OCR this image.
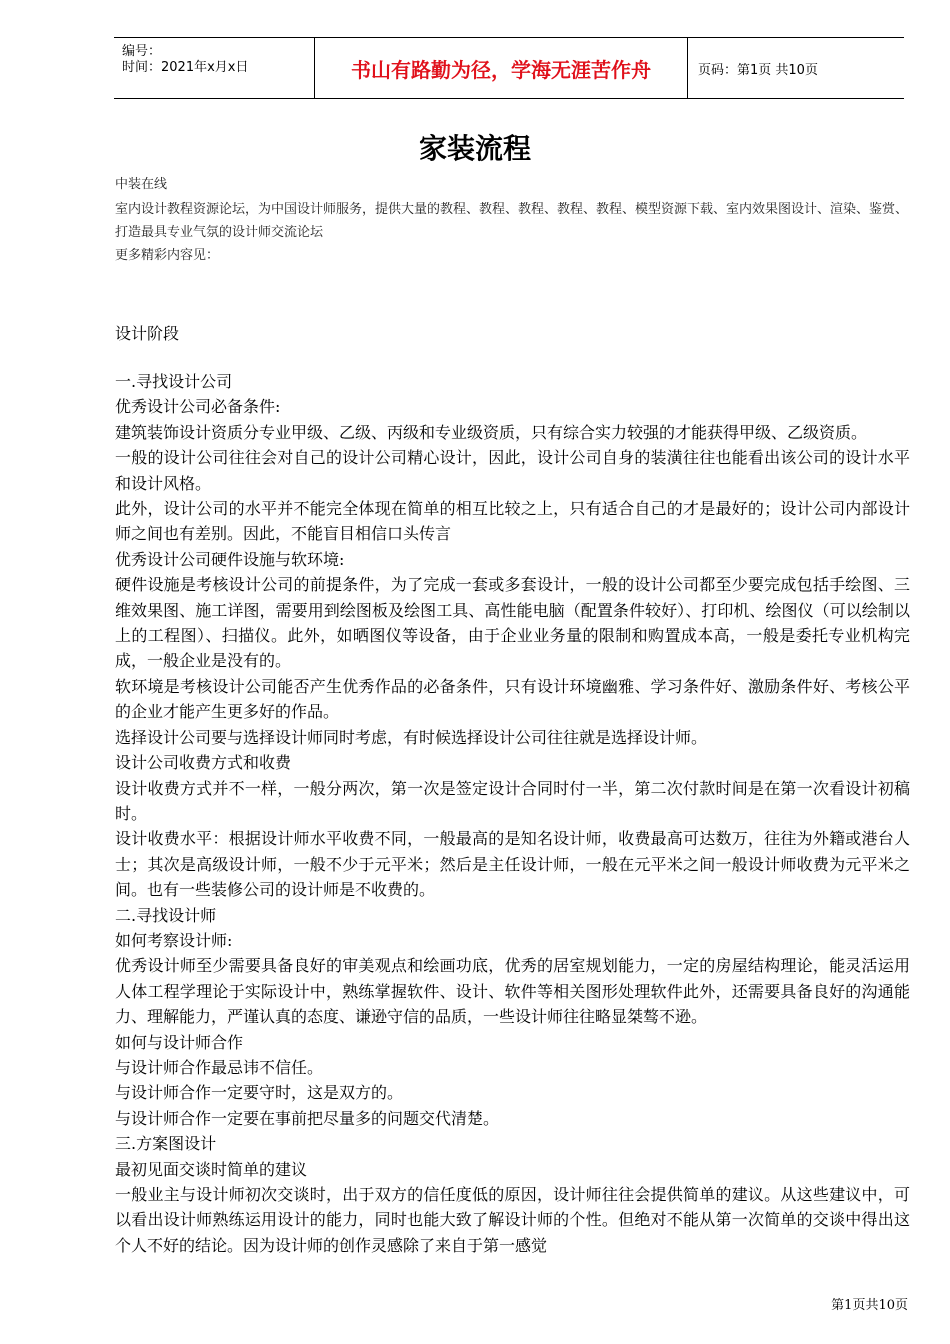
编号：
时间：2021年x月x日	书山有路勤为径，学海无涯苦作舟	页码：第1页 共10页
家装流程
中装在线
室内设计教程资源论坛，为中国设计师服务，提供大量的教程、教程、教程、教程、教程、模型资源下载、室内效果图设计、渲染、鉴赏、打造最具专业气氛的设计师交流论坛
更多精彩内容见：
设计阶段

一.寻找设计公司

优秀设计公司必备条件:

建筑装饰设计资质分专业甲级、乙级、丙级和专业级资质，只有综合实力较强的才能获得甲级、乙级资质。

一般的设计公司往往会对自己的设计公司精心设计，因此，设计公司自身的装潢往往也能看出该公司的设计水平和设计风格。

此外，设计公司的水平并不能完全体现在简单的相互比较之上，只有适合自己的才是最好的；设计公司内部设计师之间也有差别。因此，不能盲目相信口头传言

优秀设计公司硬件设施与软环境:

硬件设施是考核设计公司的前提条件，为了完成一套或多套设计，一般的设计公司都至少要完成包括手绘图、三维效果图、施工详图，需要用到绘图板及绘图工具、高性能电脑（配置条件较好）、打印机、绘图仪（可以绘制以上的工程图）、扫描仪。此外，如晒图仪等设备，由于企业业务量的限制和购置成本高，一般是委托专业机构完成，一般企业是没有的。

软环境是考核设计公司能否产生优秀作品的必备条件，只有设计环境幽雅、学习条件好、激励条件好、考核公平的企业才能产生更多好的作品。

选择设计公司要与选择设计师同时考虑，有时候选择设计公司往往就是选择设计师。

设计公司收费方式和收费

设计收费方式并不一样，一般分两次，第一次是签定设计合同时付一半，第二次付款时间是在第一次看设计初稿时。

设计收费水平：根据设计师水平收费不同，一般最高的是知名设计师，收费最高可达数万，往往为外籍或港台人士；其次是高级设计师，一般不少于元平米；然后是主任设计师，一般在元平米之间一般设计师收费为元平米之间。也有一些装修公司的设计师是不收费的。

二.寻找设计师

如何考察设计师:

优秀设计师至少需要具备良好的审美观点和绘画功底，优秀的居室规划能力，一定的房屋结构理论，能灵活运用人体工程学理论于实际设计中，熟练掌握软件、设计、软件等相关图形处理软件此外，还需要具备良好的沟通能力、理解能力，严谨认真的态度、谦逊守信的品质，一些设计师往往略显桀骜不逊。

如何与设计师合作

与设计师合作最忌讳不信任。

与设计师合作一定要守时，这是双方的。

与设计师合作一定要在事前把尽量多的问题交代清楚。

三.方案图设计

最初见面交谈时简单的建议

一般业主与设计师初次交谈时，出于双方的信任度低的原因，设计师往往会提供简单的建议。从这些建议中，可以看出设计师熟练运用设计的能力，同时也能大致了解设计师的个性。但绝对不能从第一次简单的交谈中得出这个人不好的结论。因为设计师的创作灵感除了来自于第一感觉

第1页共10页
